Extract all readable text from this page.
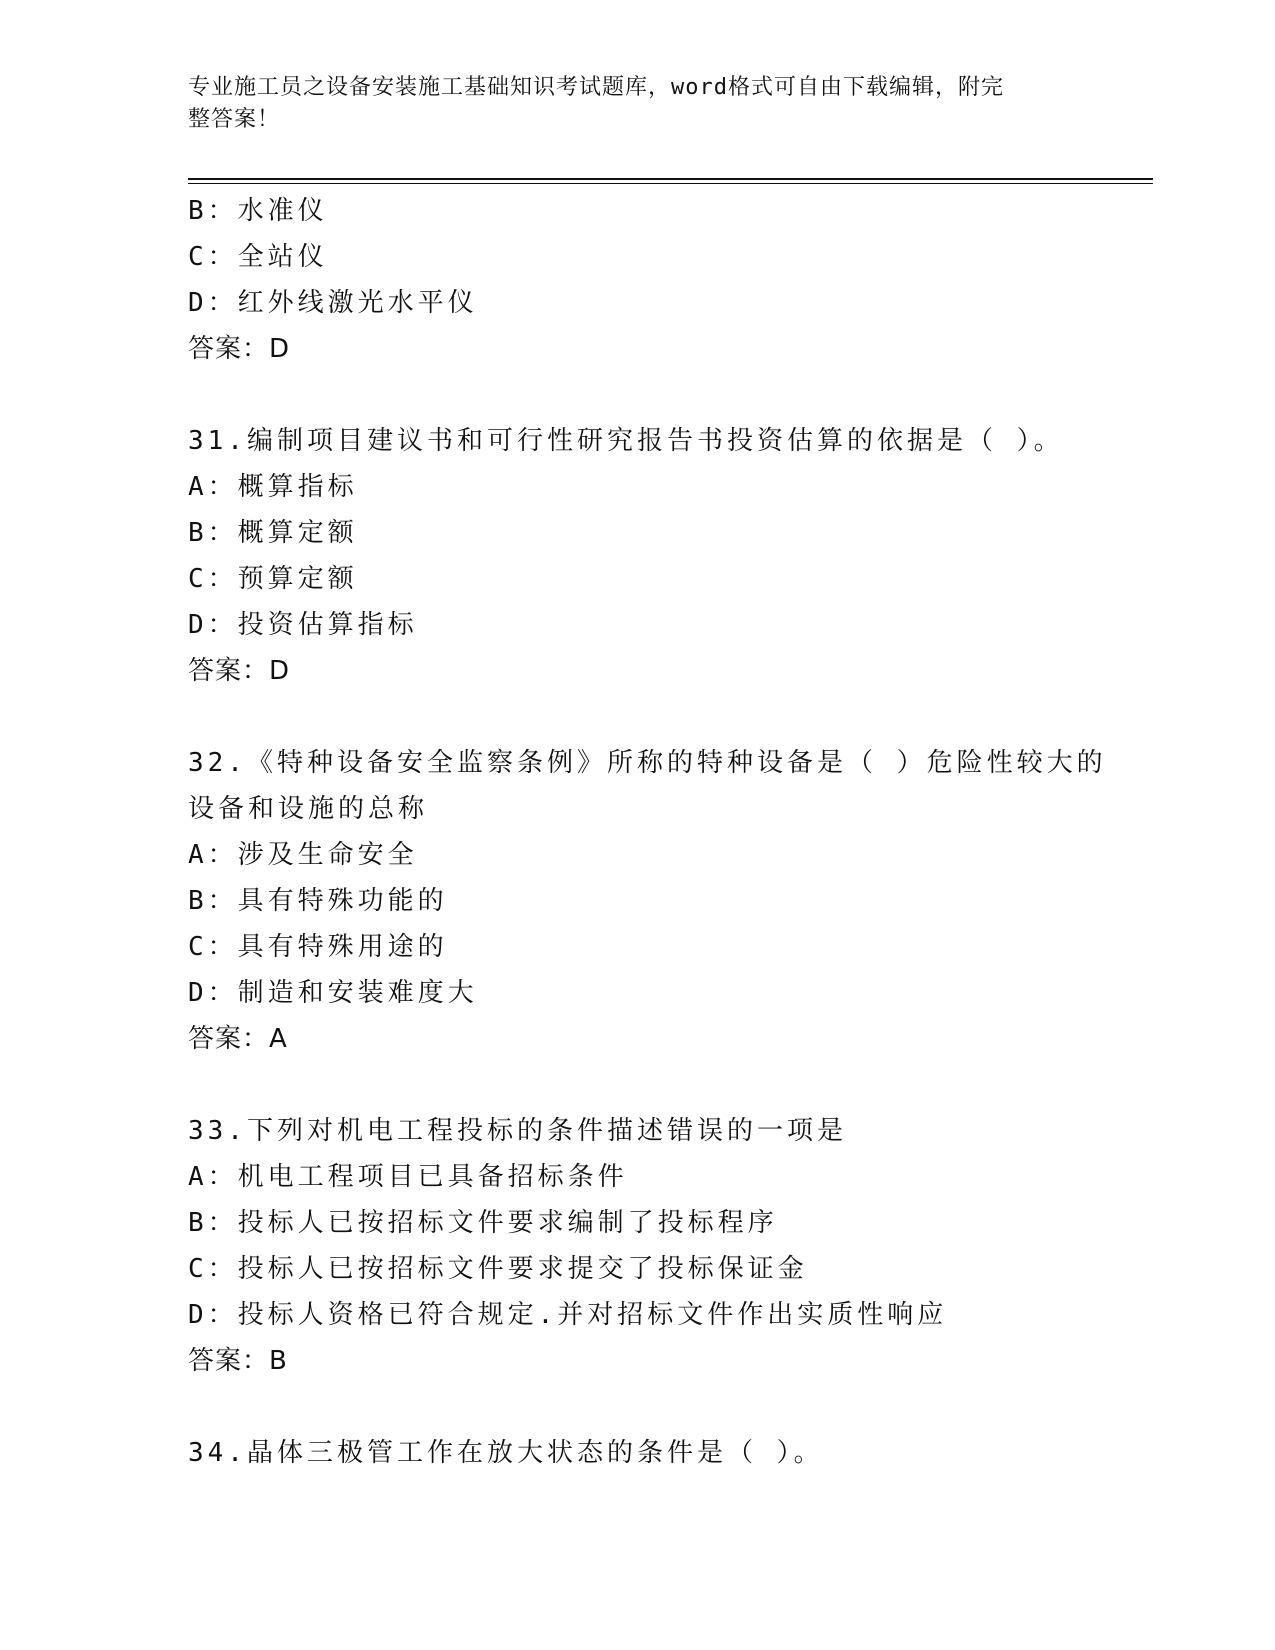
专业施工员之设备安装施工基础知识考试题库，word格式可自由下载编辑，附完
整答案！
B：水准仪
C：全站仪
D：红外线激光水平仪
答案：D
31.编制项目建议书和可行性研究报告书投资估算的依据是（ ）。
A：概算指标
B：概算定额
C：预算定额
D：投资估算指标
答案：D
32.《特种设备安全监察条例》所称的特种设备是（ ）危险性较大的
设备和设施的总称
A：涉及生命安全
B：具有特殊功能的
C：具有特殊用途的
D：制造和安装难度大
答案：A
33.下列对机电工程投标的条件描述错误的一项是
A：机电工程项目已具备招标条件
B：投标人已按招标文件要求编制了投标程序
C：投标人已按招标文件要求提交了投标保证金
D：投标人资格已符合规定.并对招标文件作出实质性响应
答案：B
34.晶体三极管工作在放大状态的条件是（ ）。
